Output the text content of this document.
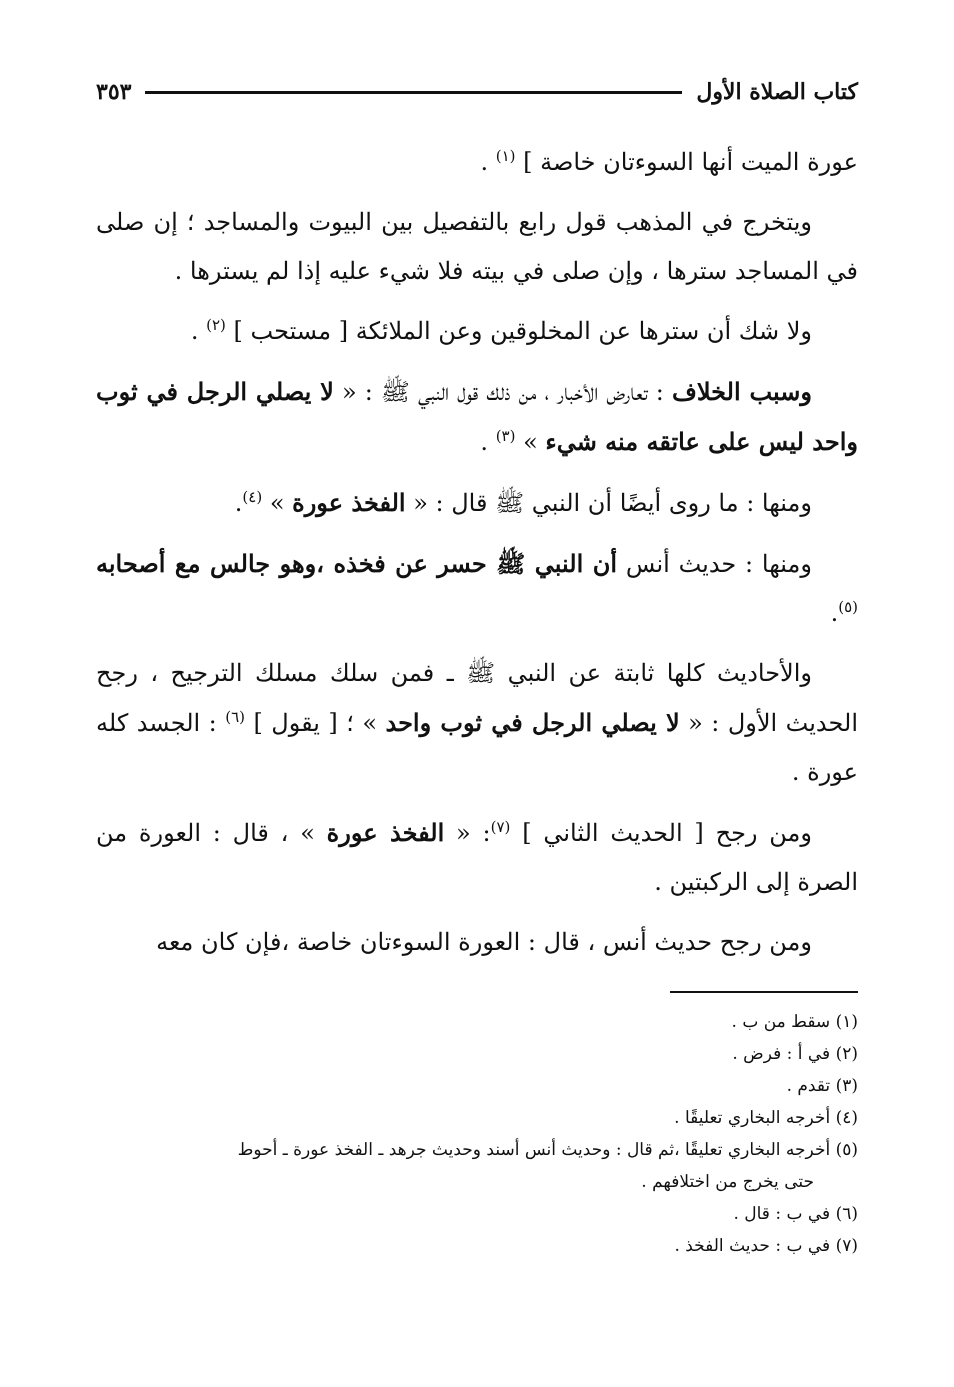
كتاب الصلاة الأول
٣٥٣

عورة الميت أنها السوءتان خاصة ] $^{(١)}$ .

ويتخرج في المذهب قول رابع بالتفصيل بين البيوت والمساجد ؛ إن صلى في المساجد سترها ، وإن صلى في بيته فلا شيء عليه إذا لم يسترها .

ولا شك أن سترها عن المخلوقين وعن الملائكة [ مستحب ] $^{(٢)}$ .

وسبب الخلاف : تعارض الأخبار ، من ذلك قول النبي ﷺ : « لا يصلي الرجل في ثوب واحد ليس على عاتقه منه شيء » $^{(٣)}$ .

ومنها : ما روى أيضًا أن النبي ﷺ قال : « الفخذ عورة » $^{(٤)}$.

ومنها : حديث أنس أن النبي ﷺ حسر عن فخذه ،وهو جالس مع أصحابه $^{(٥)}$.

والأحاديث كلها ثابتة عن النبي ﷺ ـ فمن سلك مسلك الترجيح ، رجح الحديث الأول : « لا يصلي الرجل في ثوب واحد » ؛ [ يقول ] $^{(٦)}$ : الجسد كله عورة .

ومن رجح [ الحديث الثاني ] $^{(٧)}$: « الفخذ عورة » ، قال : العورة من الصرة إلى الركبتين .

ومن رجح حديث أنس ، قال : العورة السوءتان خاصة ،فإن كان معه

(١) سقط من ب .

(٢) في أ : فرض .

(٣) تقدم .

(٤) أخرجه البخاري تعليقًا .

(٥) أخرجه البخاري تعليقًا ،ثم قال : وحديث أنس أسند وحديث جرهد ـ الفخذ عورة ـ أحوط
حتى يخرج من اختلافهم .

(٦) في ب : قال .

(٧) في ب : حديث الفخذ .
